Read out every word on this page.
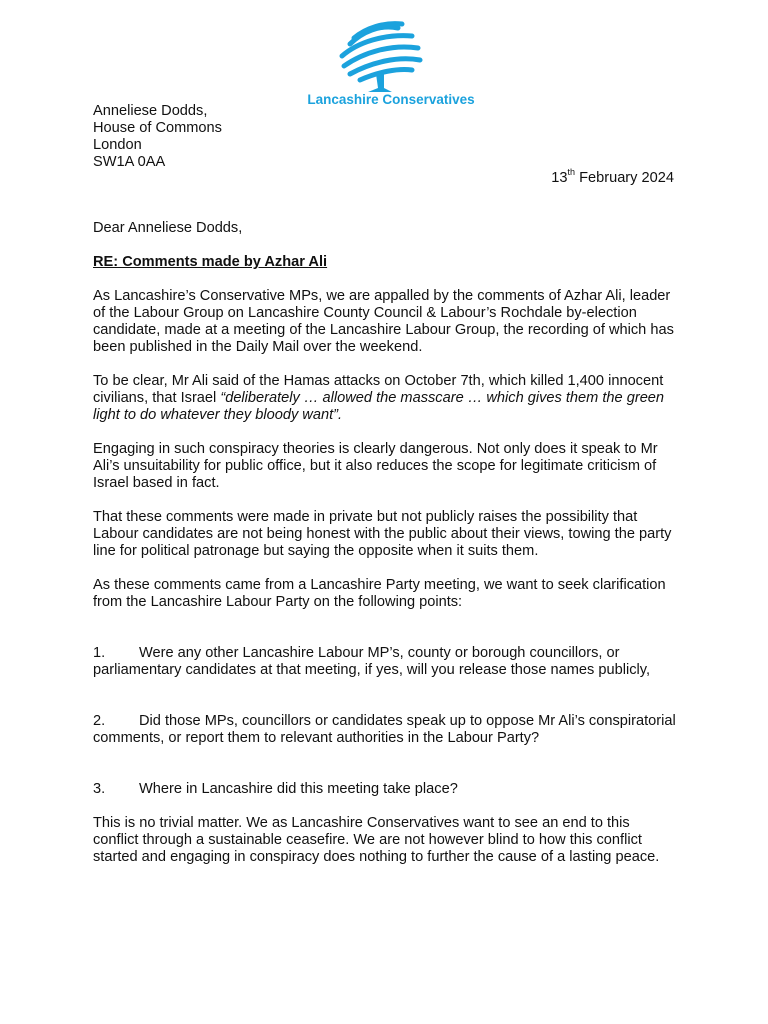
Lancashire Conservatives
Anneliese Dodds,
House of Commons
London
SW1A 0AA
13th February 2024

Dear Anneliese Dodds,

RE: Comments made by Azhar Ali

As Lancashire’s Conservative MPs, we are appalled by the comments of Azhar Ali, leader of the Labour Group on Lancashire County Council & Labour’s Rochdale by-election candidate, made at a meeting of the Lancashire Labour Group, the recording of which has been published in the Daily Mail over the weekend.

To be clear, Mr Ali said of the Hamas attacks on October 7th, which killed 1,400 innocent civilians, that Israel “deliberately … allowed the masscare … which gives them the green light to do whatever they bloody want”.

Engaging in such conspiracy theories is clearly dangerous. Not only does it speak to Mr Ali’s unsuitability for public office, but it also reduces the scope for legitimate criticism of Israel based in fact.

That these comments were made in private but not publicly raises the possibility that Labour candidates are not being honest with the public about their views, towing the party line for political patronage but saying the opposite when it suits them.

As these comments came from a Lancashire Party meeting, we want to seek clarification from the Lancashire Labour Party on the following points:

1. Were any other Lancashire Labour MP’s, county or borough councillors, or parliamentary candidates at that meeting, if yes, will you release those names publicly,

2. Did those MPs, councillors or candidates speak up to oppose Mr Ali’s conspiratorial comments, or report them to relevant authorities in the Labour Party?

3. Where in Lancashire did this meeting take place?

This is no trivial matter. We as Lancashire Conservatives want to see an end to this conflict through a sustainable ceasefire. We are not however blind to how this conflict started and engaging in conspiracy does nothing to further the cause of a lasting peace.
